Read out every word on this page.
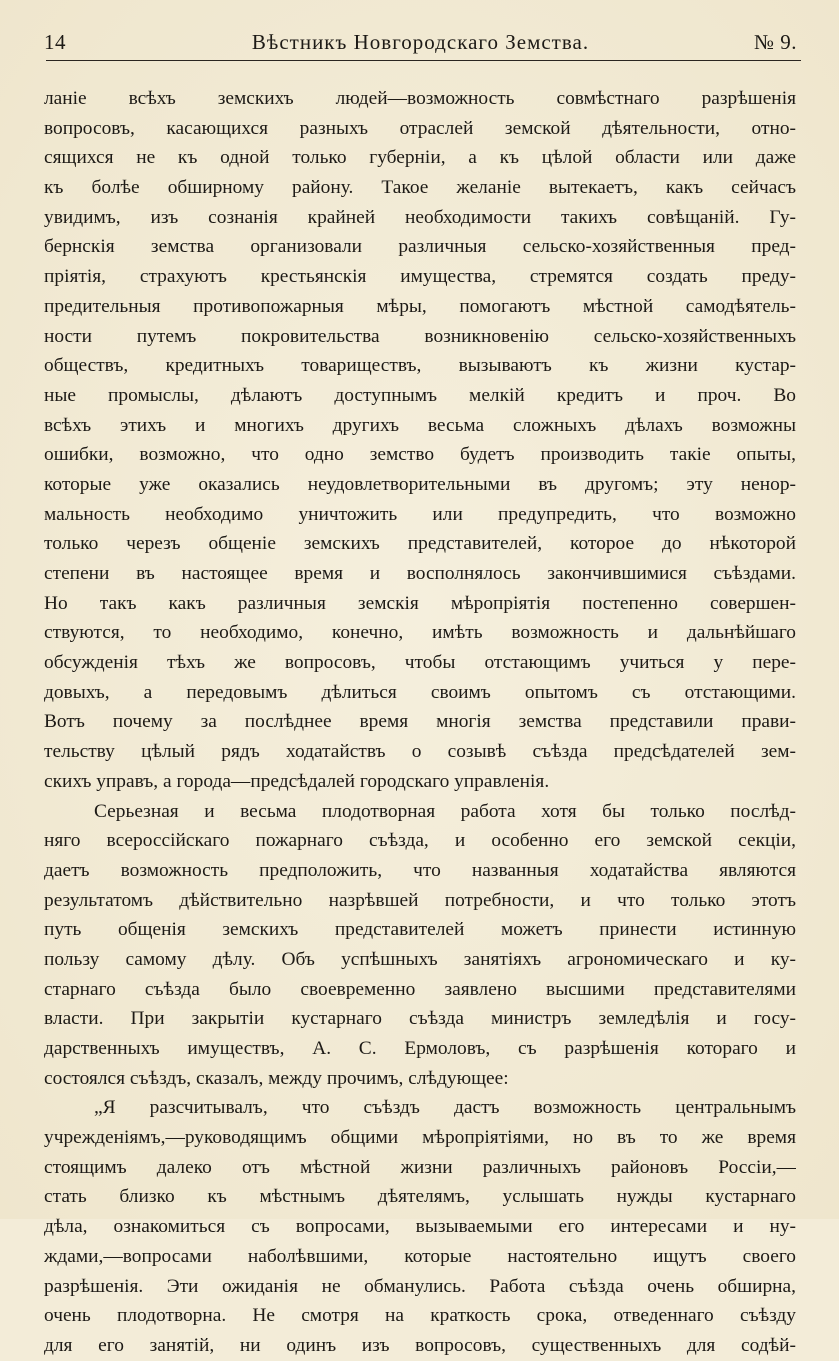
14	Вѣстникъ Новгородскаго Земства.	№ 9.
ланіе всѣхъ земскихъ людей—возможность совмѣстнаго разрѣшенія
вопросовъ, касающихся разныхъ отраслей земской дѣятельности, отно-
сящихся не къ одной только губерніи, а къ цѣлой области или даже
къ болѣе обширному району. Такое желаніе вытекаетъ, какъ сейчасъ
увидимъ, изъ сознанія крайней необходимости такихъ совѣщаній. Гу-
бернскія земства организовали различныя сельско-хозяйственныя пред-
пріятія, страхуютъ крестьянскія имущества, стремятся создать преду-
предительныя противопожарныя мѣры, помогаютъ мѣстной самодѣятель-
ности путемъ покровительства возникновенію сельско-хозяйственныхъ
обществъ, кредитныхъ товариществъ, вызываютъ къ жизни кустар-
ные промыслы, дѣлаютъ доступнымъ мелкій кредитъ и проч. Во
всѣхъ этихъ и многихъ другихъ весьма сложныхъ дѣлахъ возможны
ошибки, возможно, что одно земство будетъ производить такіе опыты,
которые уже оказались неудовлетворительными въ другомъ; эту ненор-
мальность необходимо уничтожить или предупредить, что возможно
только черезъ общеніе земскихъ представителей, которое до нѣкоторой
степени въ настоящее время и восполнялось закончившимися съѣздами.
Но такъ какъ различныя земскія мѣропріятія постепенно совершен-
ствуются, то необходимо, конечно, имѣть возможность и дальнѣйшаго
обсужденія тѣхъ же вопросовъ, чтобы отстающимъ учиться у пере-
довыхъ, а передовымъ дѣлиться своимъ опытомъ съ отстающими.
Вотъ почему за послѣднее время многія земства представили прави-
тельству цѣлый рядъ ходатайствъ о созывѣ съѣзда предсѣдателей зем-
скихъ управъ, а города—предсѣдалей городскаго управленія.
Серьезная и весьма плодотворная работа хотя бы только послѣд-
няго всероссійскаго пожарнаго съѣзда, и особенно его земской секціи,
даетъ возможность предположить, что названныя ходатайства являются
результатомъ дѣйствительно назрѣвшей потребности, и что только этотъ
путь общенія земскихъ представителей можетъ принести истинную
пользу самому дѣлу. Объ успѣшныхъ занятіяхъ агрономическаго и ку-
старнаго съѣзда было своевременно заявлено высшими представителями
власти. При закрытіи кустарнаго съѣзда министръ земледѣлія и госу-
дарственныхъ имуществъ, А. С. Ермоловъ, съ разрѣшенія котораго и
состоялся съѣздъ, сказалъ, между прочимъ, слѣдующее:
„Я разсчитывалъ, что съѣздъ дастъ возможность центральнымъ
учрежденіямъ,—руководящимъ общими мѣропріятіями, но въ то же время
стоящимъ далеко отъ мѣстной жизни различныхъ районовъ Россіи,—
стать близко къ мѣстнымъ дѣятелямъ, услышать нужды кустарнаго
дѣла, ознакомиться съ вопросами, вызываемыми его интересами и ну-
ждами,—вопросами наболѣвшими, которые настоятельно ищутъ своего
разрѣшенія. Эти ожиданія не обманулись. Работа съѣзда очень обширна,
очень плодотворна. Не смотря на краткость срока, отведеннаго съѣзду
для его занятій, ни одинъ изъ вопросовъ, существенныхъ для содѣй-
